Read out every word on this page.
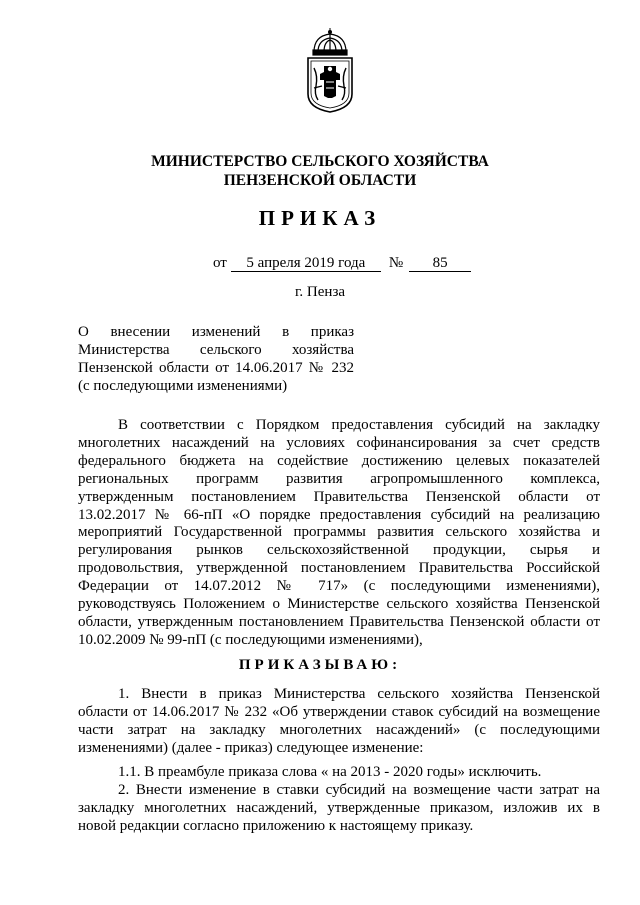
МИНИСТЕРСТВО СЕЛЬСКОГО ХОЗЯЙСТВА
ПЕНЗЕНСКОЙ ОБЛАСТИ
ПРИКАЗ
от 5 апреля 2019 года № 85
г. Пенза
О внесении изменений в приказ
Министерства сельского хозяйства
Пензенской области от 14.06.2017 № 232
(с последующими изменениями)
В соответствии с Порядком предоставления субсидий на закладку
многолетних насаждений на условиях софинансирования за счет средств
федерального бюджета на содействие достижению целевых показателей
региональных программ развития агропромышленного комплекса,
утвержденным постановлением Правительства Пензенской области от
13.02.2017 № 66-пП «О порядке предоставления субсидий на реализацию
мероприятий Государственной программы развития сельского хозяйства и
регулирования рынков сельскохозяйственной продукции, сырья и
продовольствия, утвержденной постановлением Правительства Российской
Федерации от 14.07.2012 № 717» (с последующими изменениями),
руководствуясь Положением о Министерстве сельского хозяйства Пензенской
области, утвержденным постановлением Правительства Пензенской области от
10.02.2009 № 99-пП (с последующими изменениями),
ПРИКАЗЫВАЮ:
1. Внести в приказ Министерства сельского хозяйства Пензенской
области от 14.06.2017 № 232 «Об утверждении ставок субсидий на возмещение
части затрат на закладку многолетних насаждений» (с последующими
изменениями) (далее - приказ) следующее изменение:
1.1. В преамбуле приказа слова « на 2013 - 2020 годы» исключить.
2. Внести изменение в ставки субсидий на возмещение части затрат на
закладку многолетних насаждений, утвержденные приказом, изложив их в
новой редакции согласно приложению к настоящему приказу.
